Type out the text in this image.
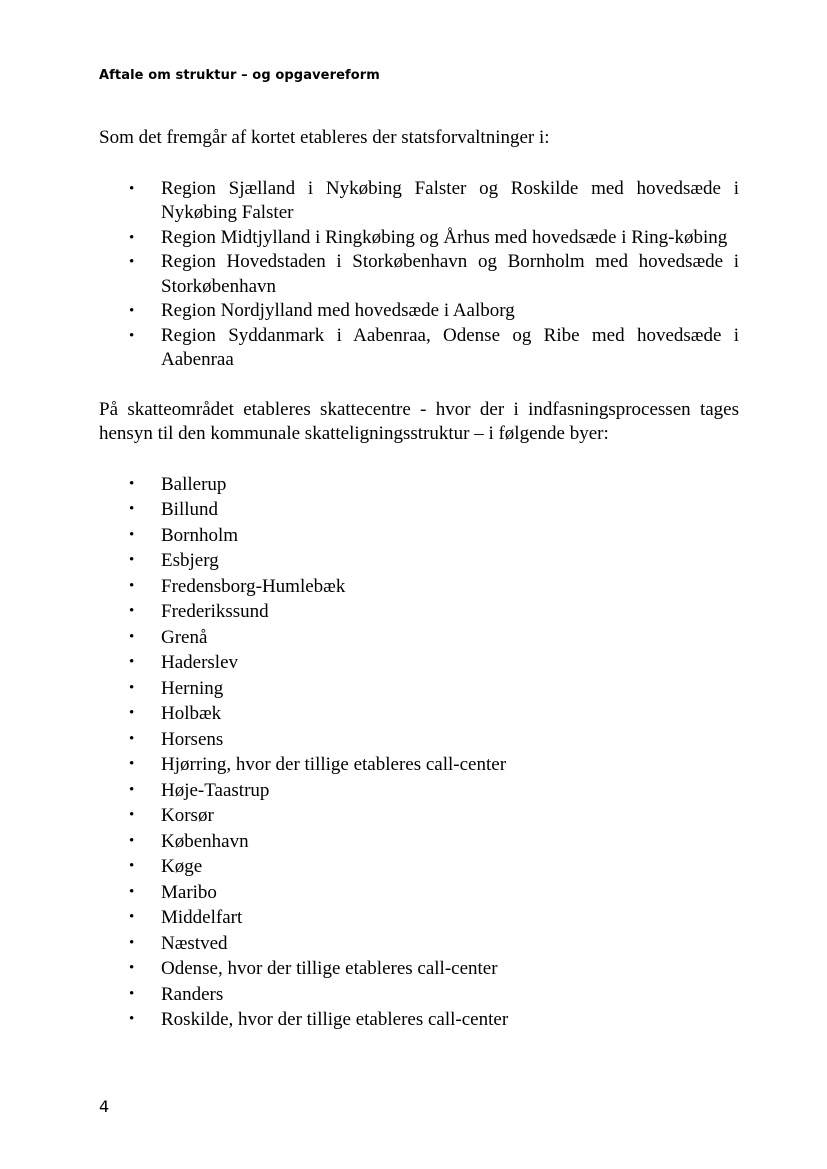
Aftale om struktur – og opgavereform

Som det fremgår af kortet etableres der statsforvaltninger i:

• Region Sjælland i Nykøbing Falster og Roskilde med hovedsæde i Nykøbing Falster
• Region Midtjylland i Ringkøbing og Århus med hovedsæde i Ring-købing
• Region Hovedstaden i Storkøbenhavn og Bornholm med hovedsæde i Storkøbenhavn
• Region Nordjylland med hovedsæde i Aalborg
• Region Syddanmark i Aabenraa, Odense og Ribe med hovedsæde i Aabenraa

På skatteområdet etableres skattecentre - hvor der i indfasningsprocessen tages hensyn til den kommunale skatteligningsstruktur – i følgende byer:

• Ballerup
• Billund
• Bornholm
• Esbjerg
• Fredensborg-Humlebæk
• Frederikssund
• Grenå
• Haderslev
• Herning
• Holbæk
• Horsens
• Hjørring, hvor der tillige etableres call-center
• Høje-Taastrup
• Korsør
• København
• Køge
• Maribo
• Middelfart
• Næstved
• Odense, hvor der tillige etableres call-center
• Randers
• Roskilde, hvor der tillige etableres call-center
4
